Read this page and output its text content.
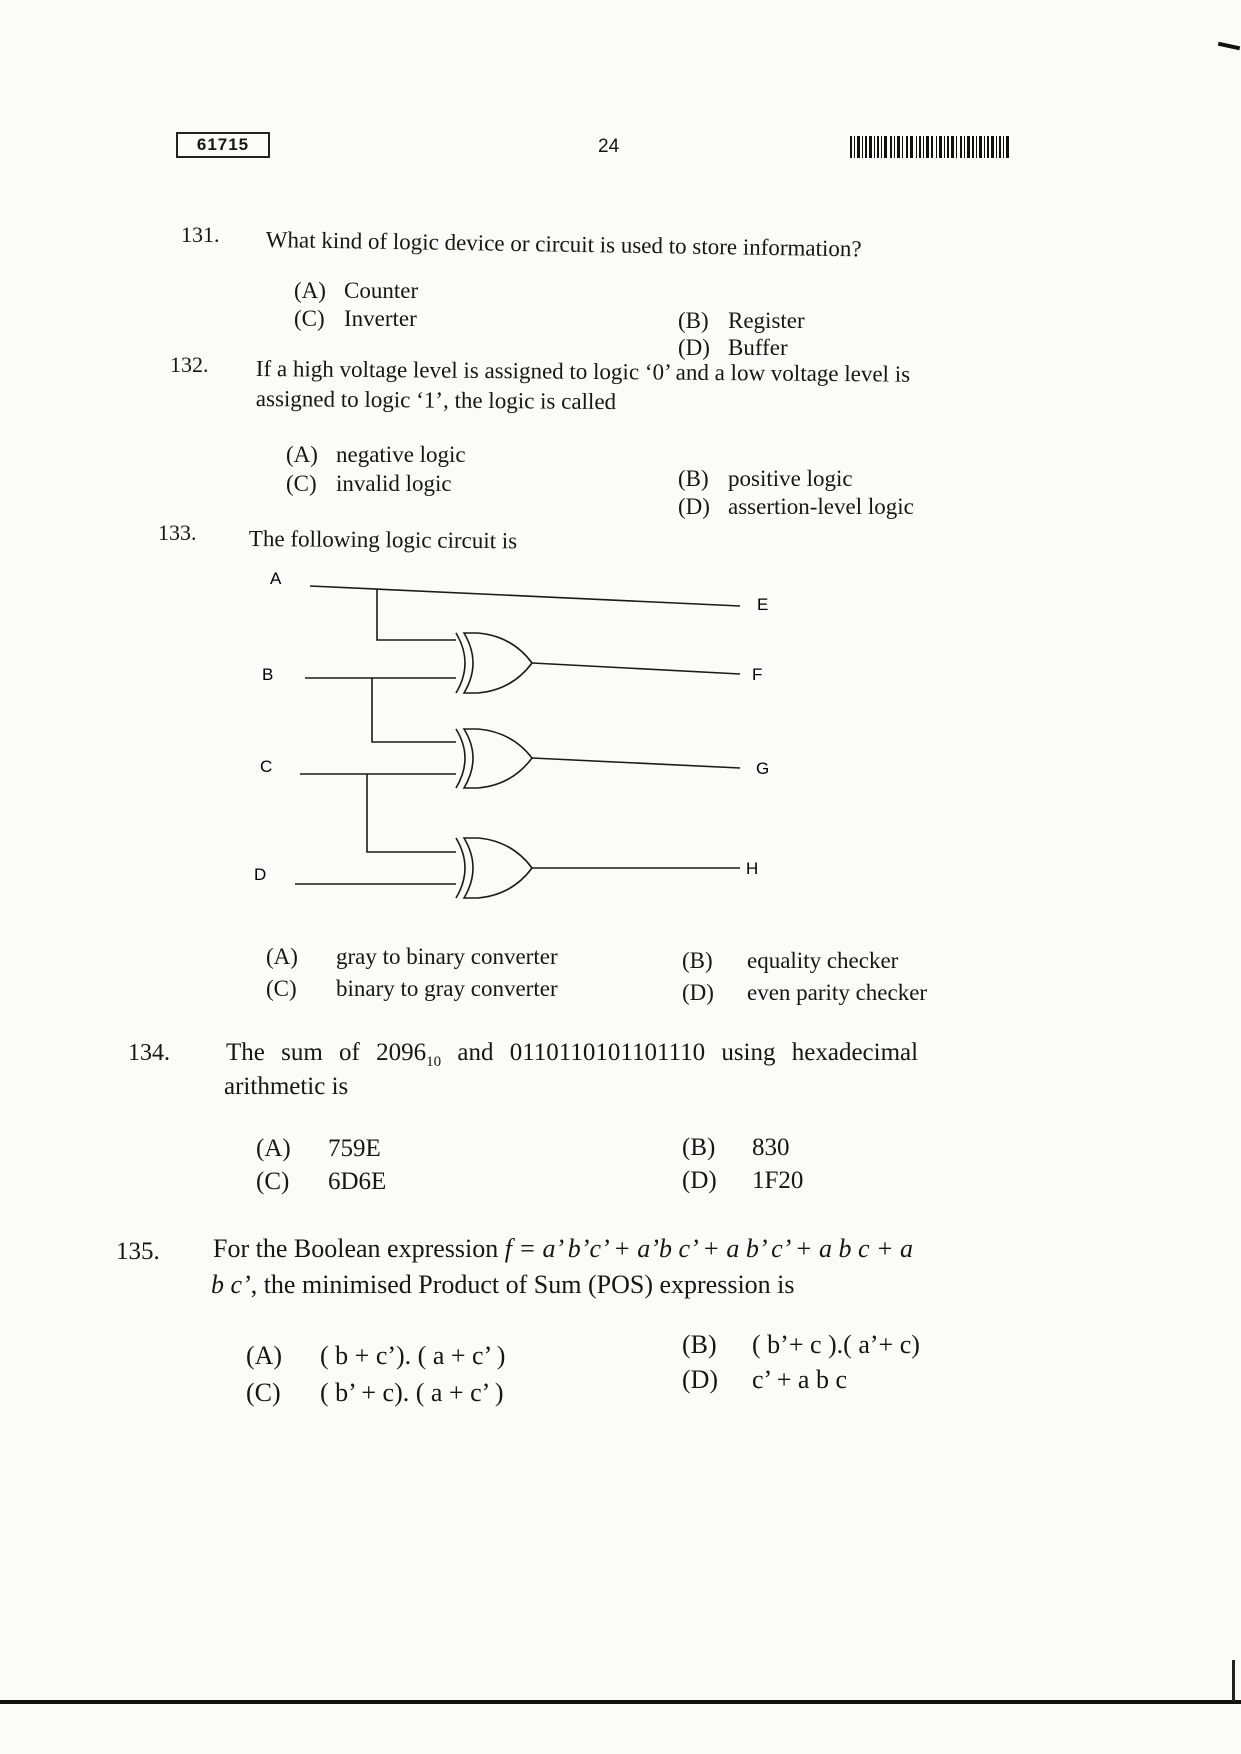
61715	24
131. What kind of logic device or circuit is used to store information?
(A) Counter
(C) Inverter	(B) Register
(D) Buffer
132. If a high voltage level is assigned to logic ‘0’ and a low voltage level is
assigned to logic ‘1’, the logic is called
(A) negative logic
(C) invalid logic	(B) positive logic
(D) assertion-level logic
133. The following logic circuit is
A
B
C
D
E
F
G
H
(A) gray to binary converter
(C) binary to gray converter
(B) equality checker
(D) even parity checker
134. The sum of $2096_{10}$ and 0110110101101110 using hexadecimal
arithmetic is
(A) 759E
(C) 6D6E
(B) 830
(D) 1F20
135. For the Boolean expression f = a’ b’c’ + a’b c’ + a b’ c’ + a b c + a
b c’, the minimised Product of Sum (POS) expression is
(A) ( b + c’). ( a + c’ )
(C) ( b’ + c). ( a + c’ )
(B) ( b’+ c ).( a’+ c)
(D) c’ + a b c
